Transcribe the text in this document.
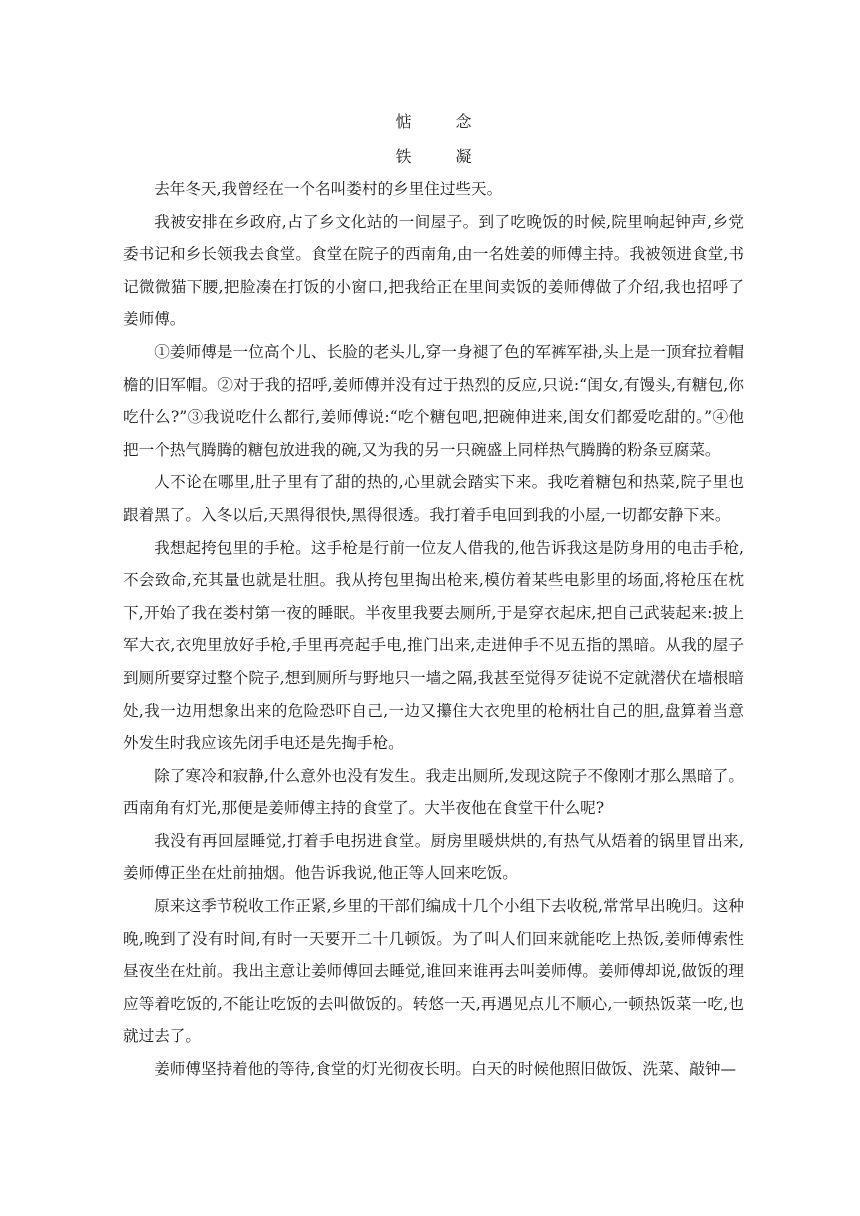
惦　念
铁　凝

去年冬天,我曾经在一个名叫娄村的乡里住过些天。

我被安排在乡政府,占了乡文化站的一间屋子。到了吃晚饭的时候,院里响起钟声,乡党委书记和乡长领我去食堂。食堂在院子的西南角,由一名姓姜的师傅主持。我被领进食堂,书记微微猫下腰,把脸凑在打饭的小窗口,把我给正在里间卖饭的姜师傅做了介绍,我也招呼了姜师傅。

①姜师傅是一位高个儿、长脸的老头儿,穿一身褪了色的军裤军褂,头上是一顶耷拉着帽檐的旧军帽。②对于我的招呼,姜师傅并没有过于热烈的反应,只说:“闺女,有馒头,有糖包,你吃什么?”③我说吃什么都行,姜师傅说:“吃个糖包吧,把碗伸进来,闺女们都爱吃甜的。”④他把一个热气腾腾的糖包放进我的碗,又为我的另一只碗盛上同样热气腾腾的粉条豆腐菜。

人不论在哪里,肚子里有了甜的热的,心里就会踏实下来。我吃着糖包和热菜,院子里也跟着黑了。入冬以后,天黑得很快,黑得很透。我打着手电回到我的小屋,一切都安静下来。

我想起挎包里的手枪。这手枪是行前一位友人借我的,他告诉我这是防身用的电击手枪,不会致命,充其量也就是壮胆。我从挎包里掏出枪来,模仿着某些电影里的场面,将枪压在枕下,开始了我在娄村第一夜的睡眠。半夜里我要去厕所,于是穿衣起床,把自己武装起来:披上军大衣,衣兜里放好手枪,手里再亮起手电,推门出来,走进伸手不见五指的黑暗。从我的屋子到厕所要穿过整个院子,想到厕所与野地只一墙之隔,我甚至觉得歹徒说不定就潜伏在墙根暗处,我一边用想象出来的危险恐吓自己,一边又攥住大衣兜里的枪柄壮自己的胆,盘算着当意外发生时我应该先闭手电还是先掏手枪。

除了寒冷和寂静,什么意外也没有发生。我走出厕所,发现这院子不像刚才那么黑暗了。西南角有灯光,那便是姜师傅主持的食堂了。大半夜他在食堂干什么呢?

我没有再回屋睡觉,打着手电拐进食堂。厨房里暖烘烘的,有热气从焐着的锅里冒出来,姜师傅正坐在灶前抽烟。他告诉我说,他正等人回来吃饭。

原来这季节税收工作正紧,乡里的干部们编成十几个小组下去收税,常常早出晚归。这种晚,晚到了没有时间,有时一天要开二十几顿饭。为了叫人们回来就能吃上热饭,姜师傅索性昼夜坐在灶前。我出主意让姜师傅回去睡觉,谁回来谁再去叫姜师傅。姜师傅却说,做饭的理应等着吃饭的,不能让吃饭的去叫做饭的。转悠一天,再遇见点儿不顺心,一顿热饭菜一吃,也就过去了。

姜师傅坚持着他的等待,食堂的灯光彻夜长明。白天的时候他照旧做饭、洗菜、敲钟—
